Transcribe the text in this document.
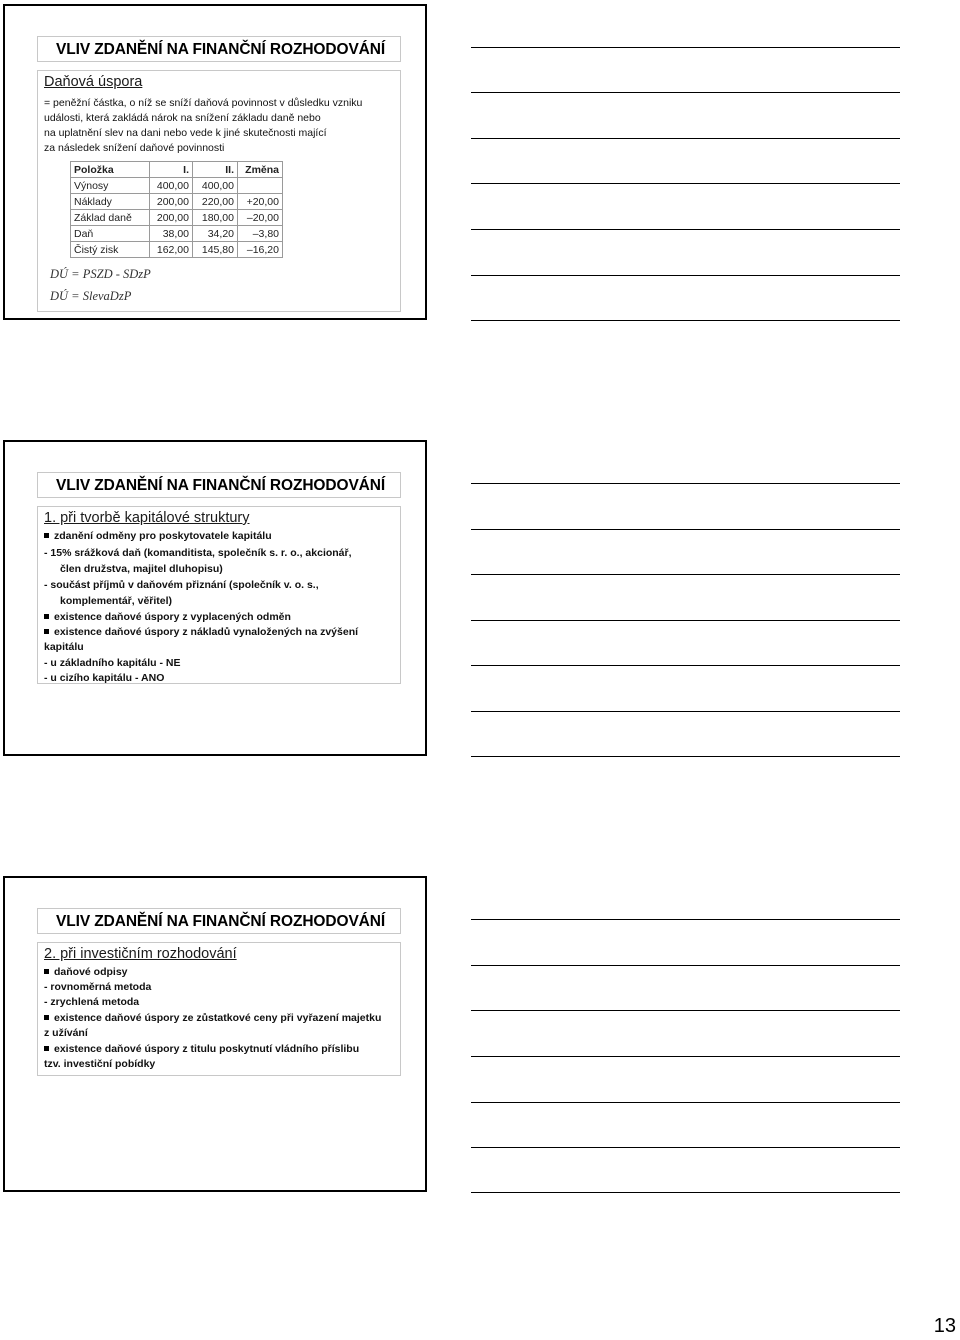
VLIV ZDANĚNÍ NA FINANČNÍ ROZHODOVÁNÍ
Daňová úspora
= peněžní částka, o níž se sníží daňová povinnost v důsledku vzniku
události, která zakládá nárok na snížení základu daně nebo
na uplatnění slev na dani nebo vede k jiné skutečnosti mající
za následek snížení daňové povinnosti
Položka	I.	II.	Změna
Výnosy	400,00	400,00	
Náklady	200,00	220,00	+20,00
Základ daně	200,00	180,00	–20,00
Daň	38,00	34,20	–3,80
Čistý zisk	162,00	145,80	–16,20
DÚ = PSZD - SDzP
DÚ = SlevaDzP
VLIV ZDANĚNÍ NA FINANČNÍ ROZHODOVÁNÍ
1. při tvorbě kapitálové struktury
zdanění odměny pro poskytovatele kapitálu
- 15% srážková daň (komanditista, společník s. r. o., akcionář,
člen družstva, majitel dluhopisu)
- součást příjmů v daňovém přiznání (společník v. o. s.,
komplementář, věřitel)
existence daňové úspory z vyplacených odměn
existence daňové úspory z nákladů vynaložených na zvýšení
kapitálu
- u základního kapitálu - NE
- u cizího kapitálu - ANO
VLIV ZDANĚNÍ NA FINANČNÍ ROZHODOVÁNÍ
2. při investičním rozhodování
daňové odpisy
- rovnoměrná metoda
- zrychlená metoda
existence daňové úspory ze zůstatkové ceny při vyřazení majetku
z užívání
existence daňové úspory z titulu poskytnutí vládního příslibu
tzv. investiční pobídky
13
